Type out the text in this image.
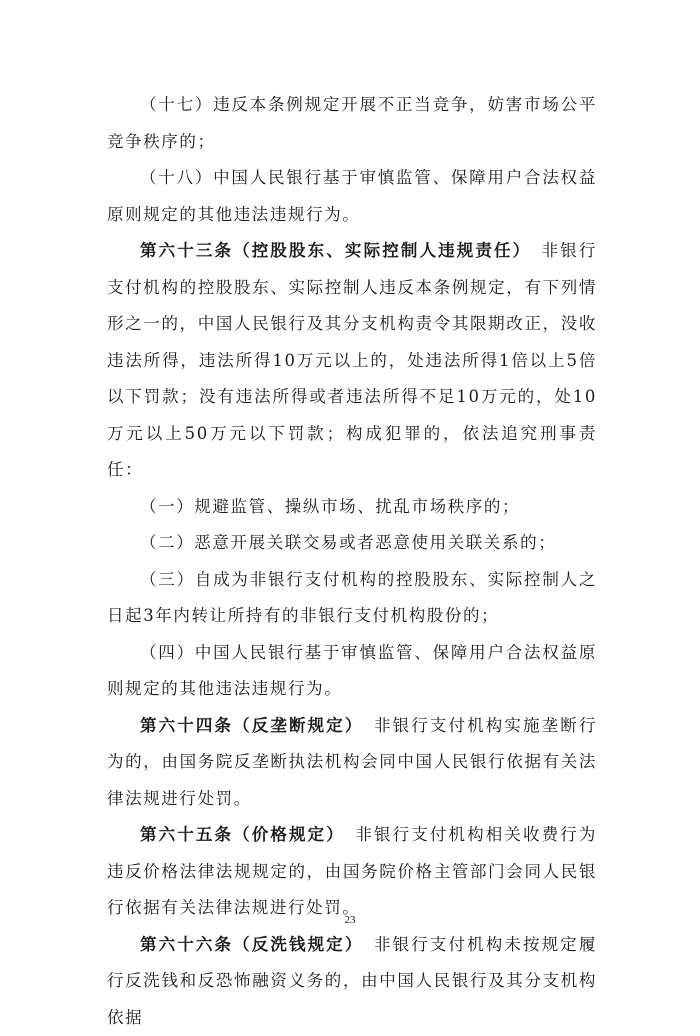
（十七）违反本条例规定开展不正当竞争，妨害市场公平竞争秩序的；

（十八）中国人民银行基于审慎监管、保障用户合法权益原则规定的其他违法违规行为。

第六十三条（控股股东、实际控制人违规责任）　非银行支付机构的控股股东、实际控制人违反本条例规定，有下列情形之一的，中国人民银行及其分支机构责令其限期改正，没收违法所得，违法所得10万元以上的，处违法所得1倍以上5倍以下罚款；没有违法所得或者违法所得不足10万元的，处10万元以上50万元以下罚款；构成犯罪的，依法追究刑事责任：

（一）规避监管、操纵市场、扰乱市场秩序的；

（二）恶意开展关联交易或者恶意使用关联关系的；

（三）自成为非银行支付机构的控股股东、实际控制人之日起3年内转让所持有的非银行支付机构股份的；

（四）中国人民银行基于审慎监管、保障用户合法权益原则规定的其他违法违规行为。

第六十四条（反垄断规定）　非银行支付机构实施垄断行为的，由国务院反垄断执法机构会同中国人民银行依据有关法律法规进行处罚。

第六十五条（价格规定）　非银行支付机构相关收费行为违反价格法律法规规定的，由国务院价格主管部门会同人民银行依据有关法律法规进行处罚。

第六十六条（反洗钱规定）　非银行支付机构未按规定履行反洗钱和反恐怖融资义务的，由中国人民银行及其分支机构依据

23
